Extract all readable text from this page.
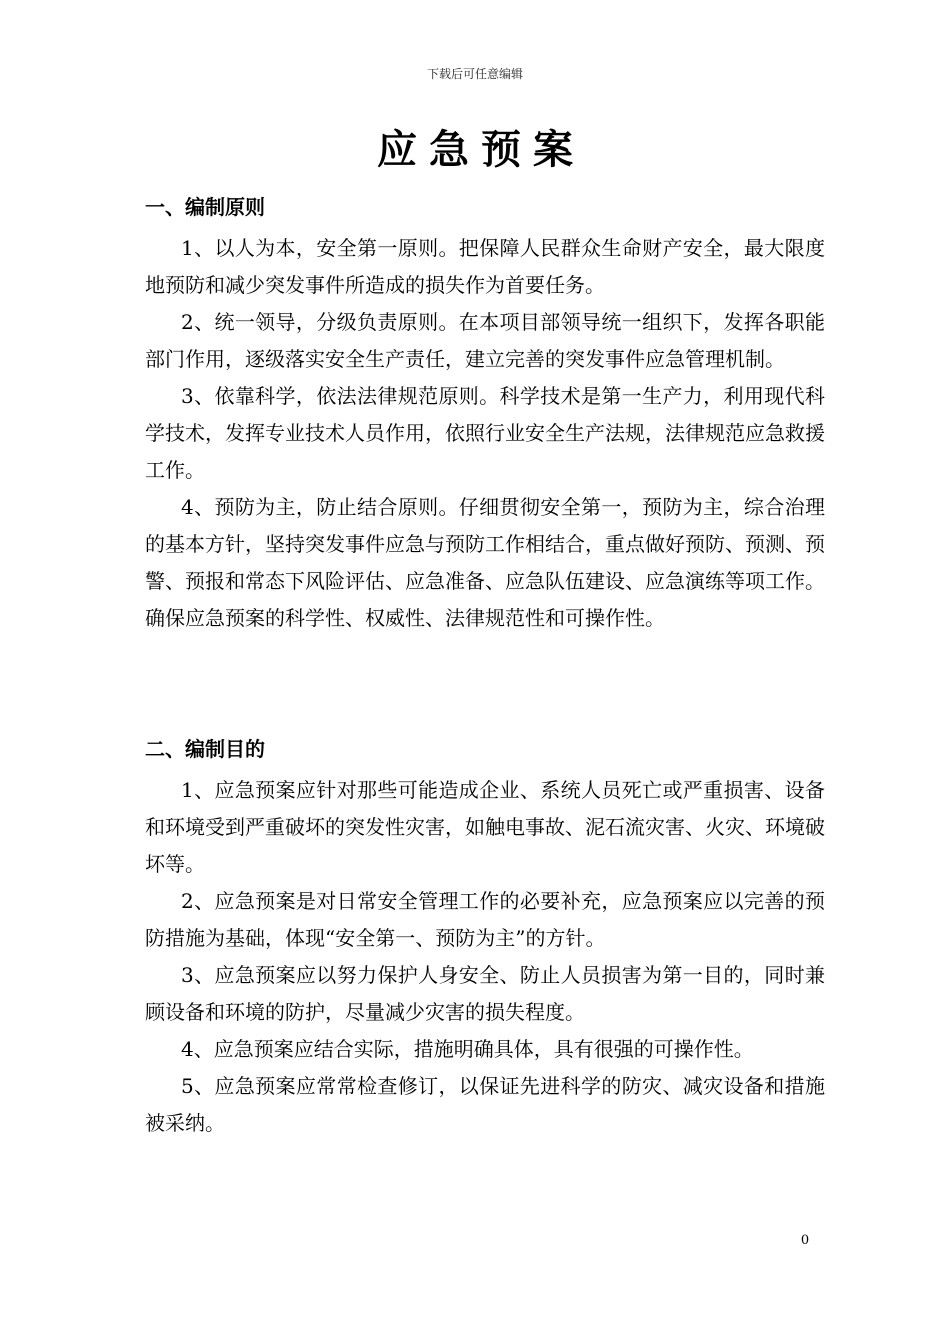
下载后可任意编辑
应急预案
一、编制原则

1、以人为本，安全第一原则。把保障人民群众生命财产安全，最大限度地预防和减少突发事件所造成的损失作为首要任务。

2、统一领导，分级负责原则。在本项目部领导统一组织下，发挥各职能部门作用，逐级落实安全生产责任，建立完善的突发事件应急管理机制。

3、依靠科学，依法法律规范原则。科学技术是第一生产力，利用现代科学技术，发挥专业技术人员作用，依照行业安全生产法规，法律规范应急救援工作。

4、预防为主，防止结合原则。仔细贯彻安全第一，预防为主，综合治理的基本方针，坚持突发事件应急与预防工作相结合，重点做好预防、预测、预警、预报和常态下风险评估、应急准备、应急队伍建设、应急演练等项工作。确保应急预案的科学性、权威性、法律规范性和可操作性。

二、编制目的

1、应急预案应针对那些可能造成企业、系统人员死亡或严重损害、设备和环境受到严重破坏的突发性灾害，如触电事故、泥石流灾害、火灾、环境破坏等。

2、应急预案是对日常安全管理工作的必要补充，应急预案应以完善的预防措施为基础，体现“安全第一、预防为主”的方针。

3、应急预案应以努力保护人身安全、防止人员损害为第一目的，同时兼顾设备和环境的防护，尽量减少灾害的损失程度。

4、应急预案应结合实际，措施明确具体，具有很强的可操作性。

5、应急预案应常常检查修订，以保证先进科学的防灾、减灾设备和措施被采纳。

0
